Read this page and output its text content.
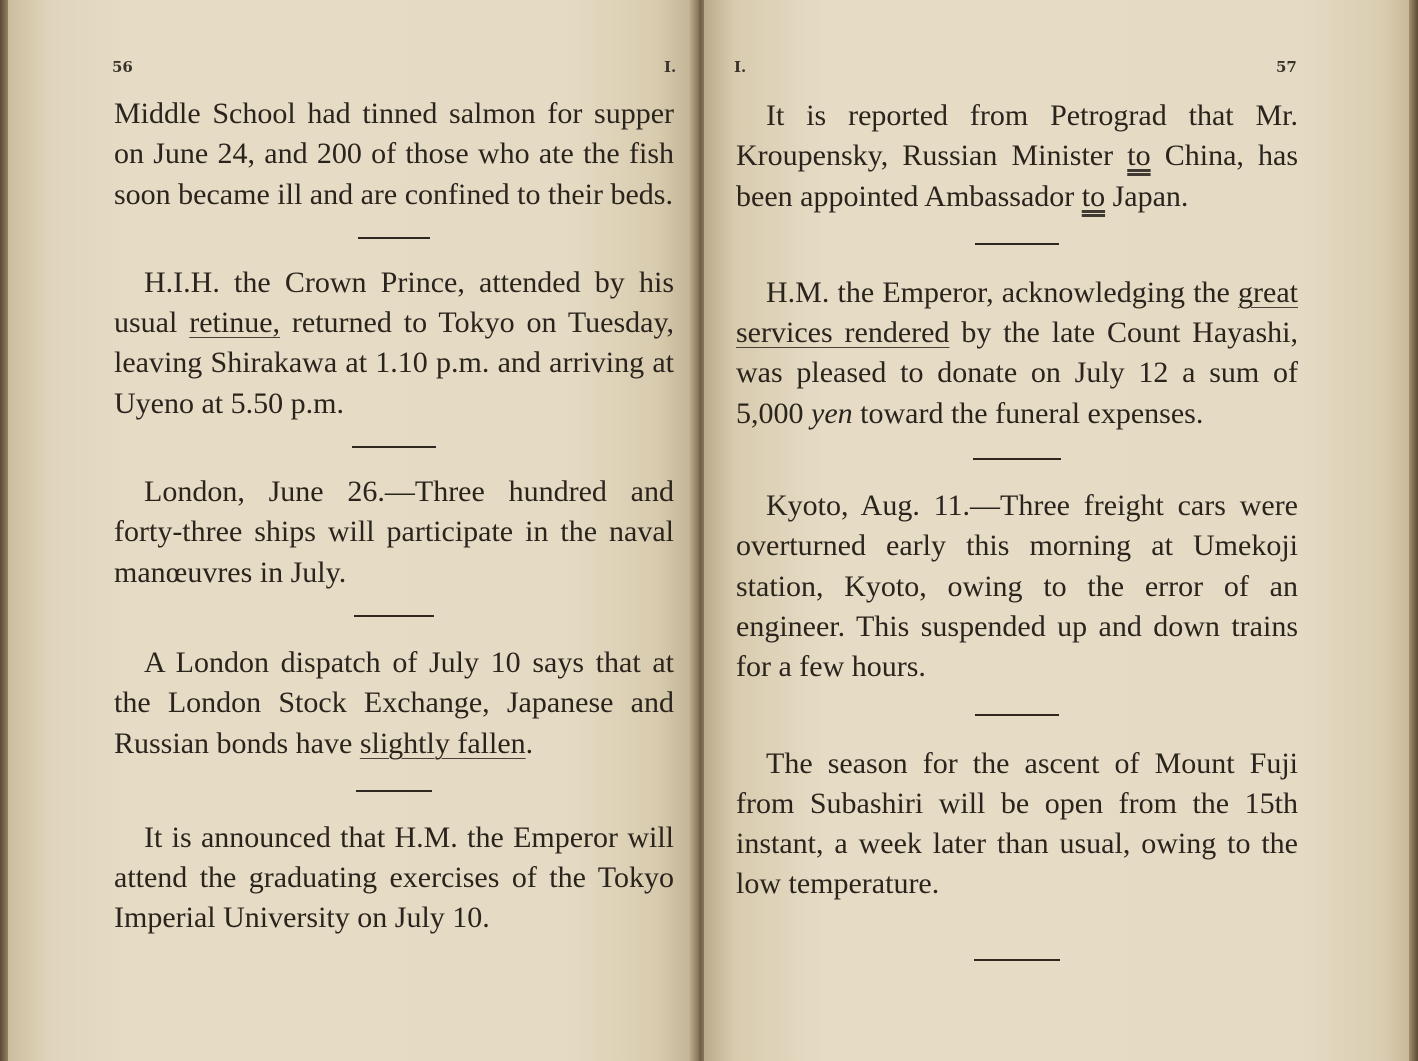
56	I.

Middle School had tinned salmon for supper on June 24, and 200 of those who ate the fish soon became ill and are confined to their beds.

H.I.H. the Crown Prince, attended by his usual retinue, returned to Tokyo on Tuesday, leaving Shirakawa at 1.10 p.m. and arriving at Uyeno at 5.50 p.m.

London, June 26.—Three hundred and forty-three ships will participate in the naval manœuvres in July.

A London dispatch of July 10 says that at the London Stock Exchange, Japanese and Russian bonds have slightly fallen.

It is announced that H.M. the Emperor will attend the graduating exercises of the Tokyo Imperial University on July 10.

I.	57

It is reported from Petrograd that Mr. Kroupensky, Russian Minister to China, has been appointed Ambassador to Japan.

H.M. the Emperor, acknowledging the great services rendered by the late Count Hayashi, was pleased to donate on July 12 a sum of 5,000 yen toward the funeral expenses.

Kyoto, Aug. 11.—Three freight cars were overturned early this morning at Umekoji station, Kyoto, owing to the error of an engineer. This suspended up and down trains for a few hours.

The season for the ascent of Mount Fuji from Subashiri will be open from the 15th instant, a week later than usual, owing to the low temperature.
